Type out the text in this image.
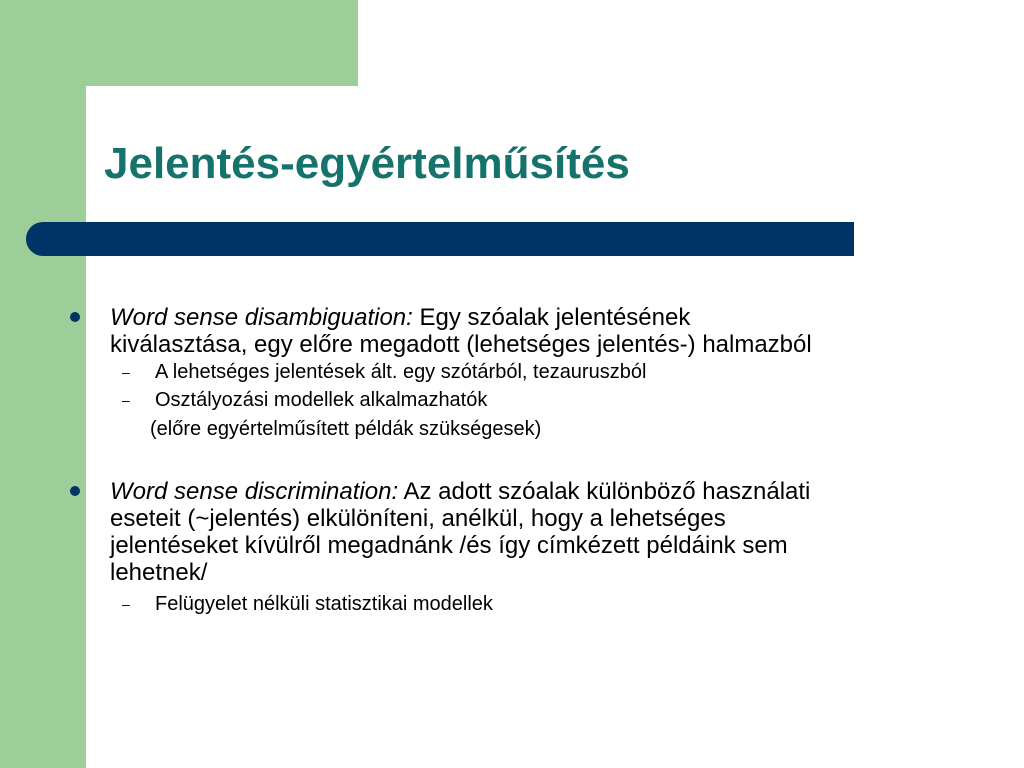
Jelentés-egyértelműsítés
Word sense disambiguation: Egy szóalak jelentésének
kiválasztása, egy előre megadott (lehetséges jelentés-) halmazból
– A lehetséges jelentések ált. egy szótárból, tezauruszból
– Osztályozási modellek alkalmazhatók
(előre egyértelműsített példák szükségesek)
Word sense discrimination: Az adott szóalak különböző használati
eseteit (~jelentés) elkülöníteni, anélkül, hogy a lehetséges
jelentéseket kívülről megadnánk /és így címkézett példáink sem
lehetnek/
– Felügyelet nélküli statisztikai modellek
